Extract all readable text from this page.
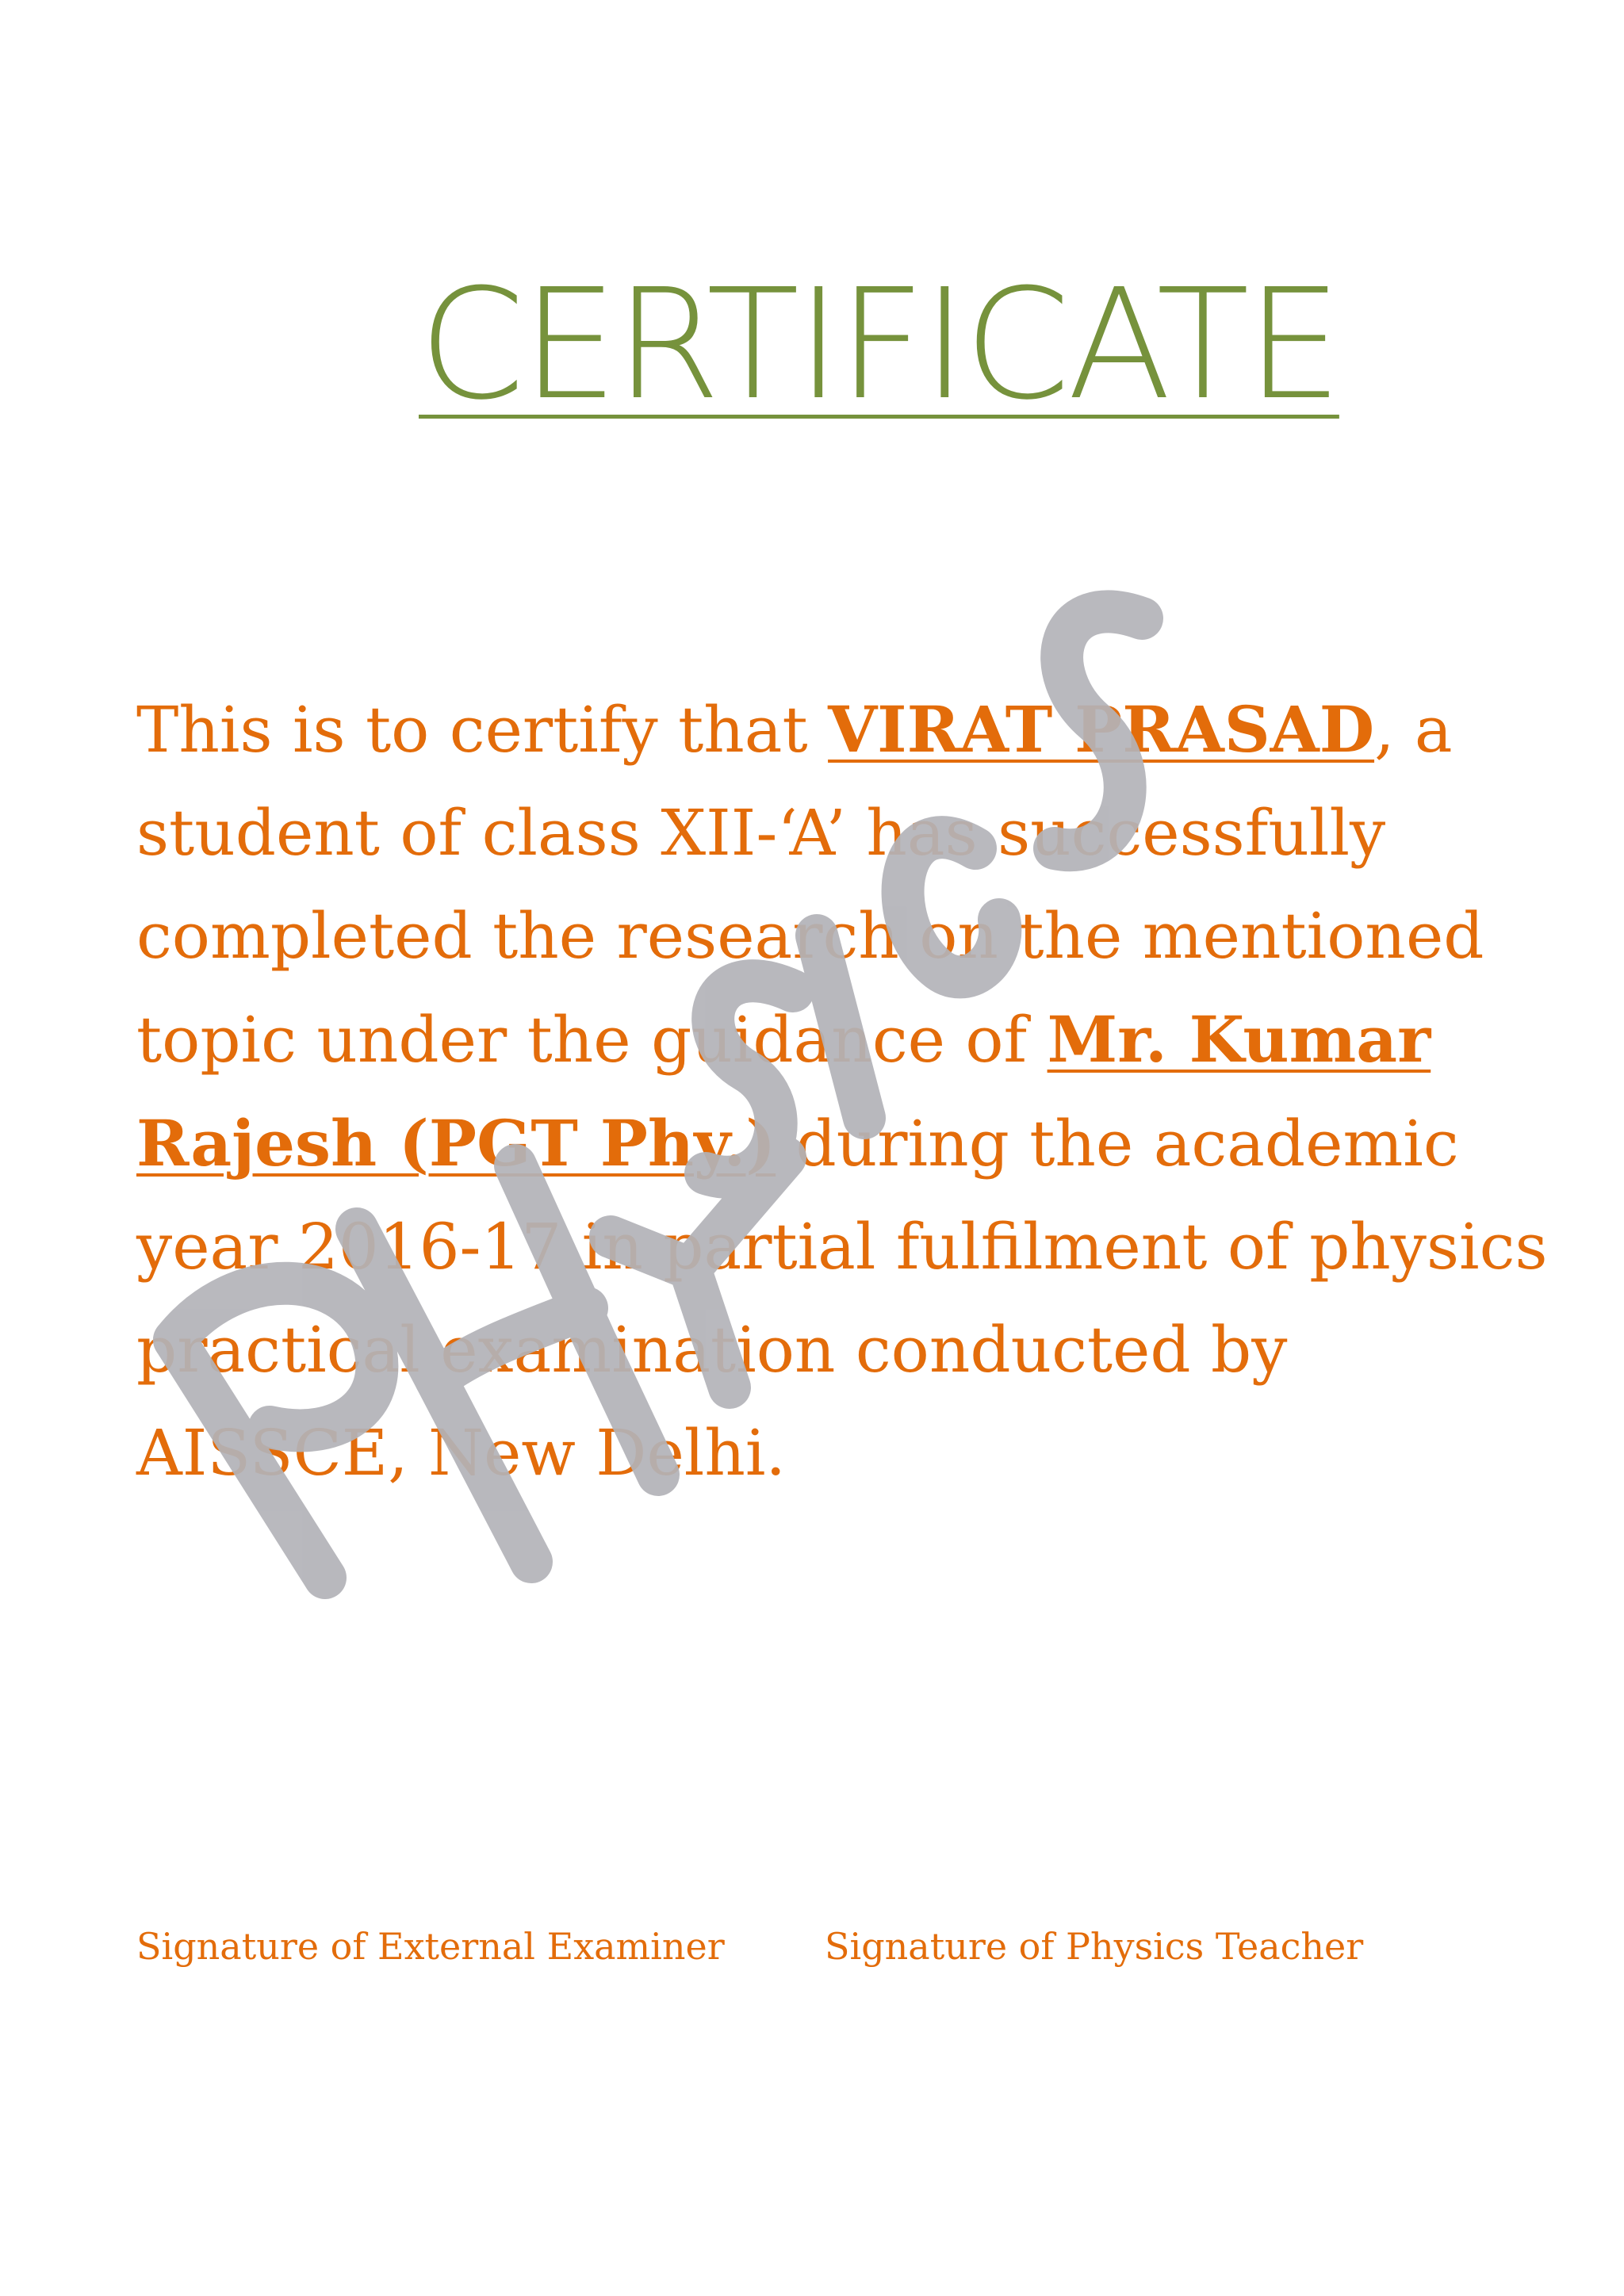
CERTIFICATE

This is to certify that VIRAT PRASAD, a student of class XII-‘A’ has successfully completed the research on the mentioned topic under the guidance of Mr. Kumar Rajesh (PGT Phy.) during the academic year 2016-17 in partial fulfilment of physics practical examination conducted by AISSCE, New Delhi.

Signature of External Examiner	Signature of Physics Teacher
